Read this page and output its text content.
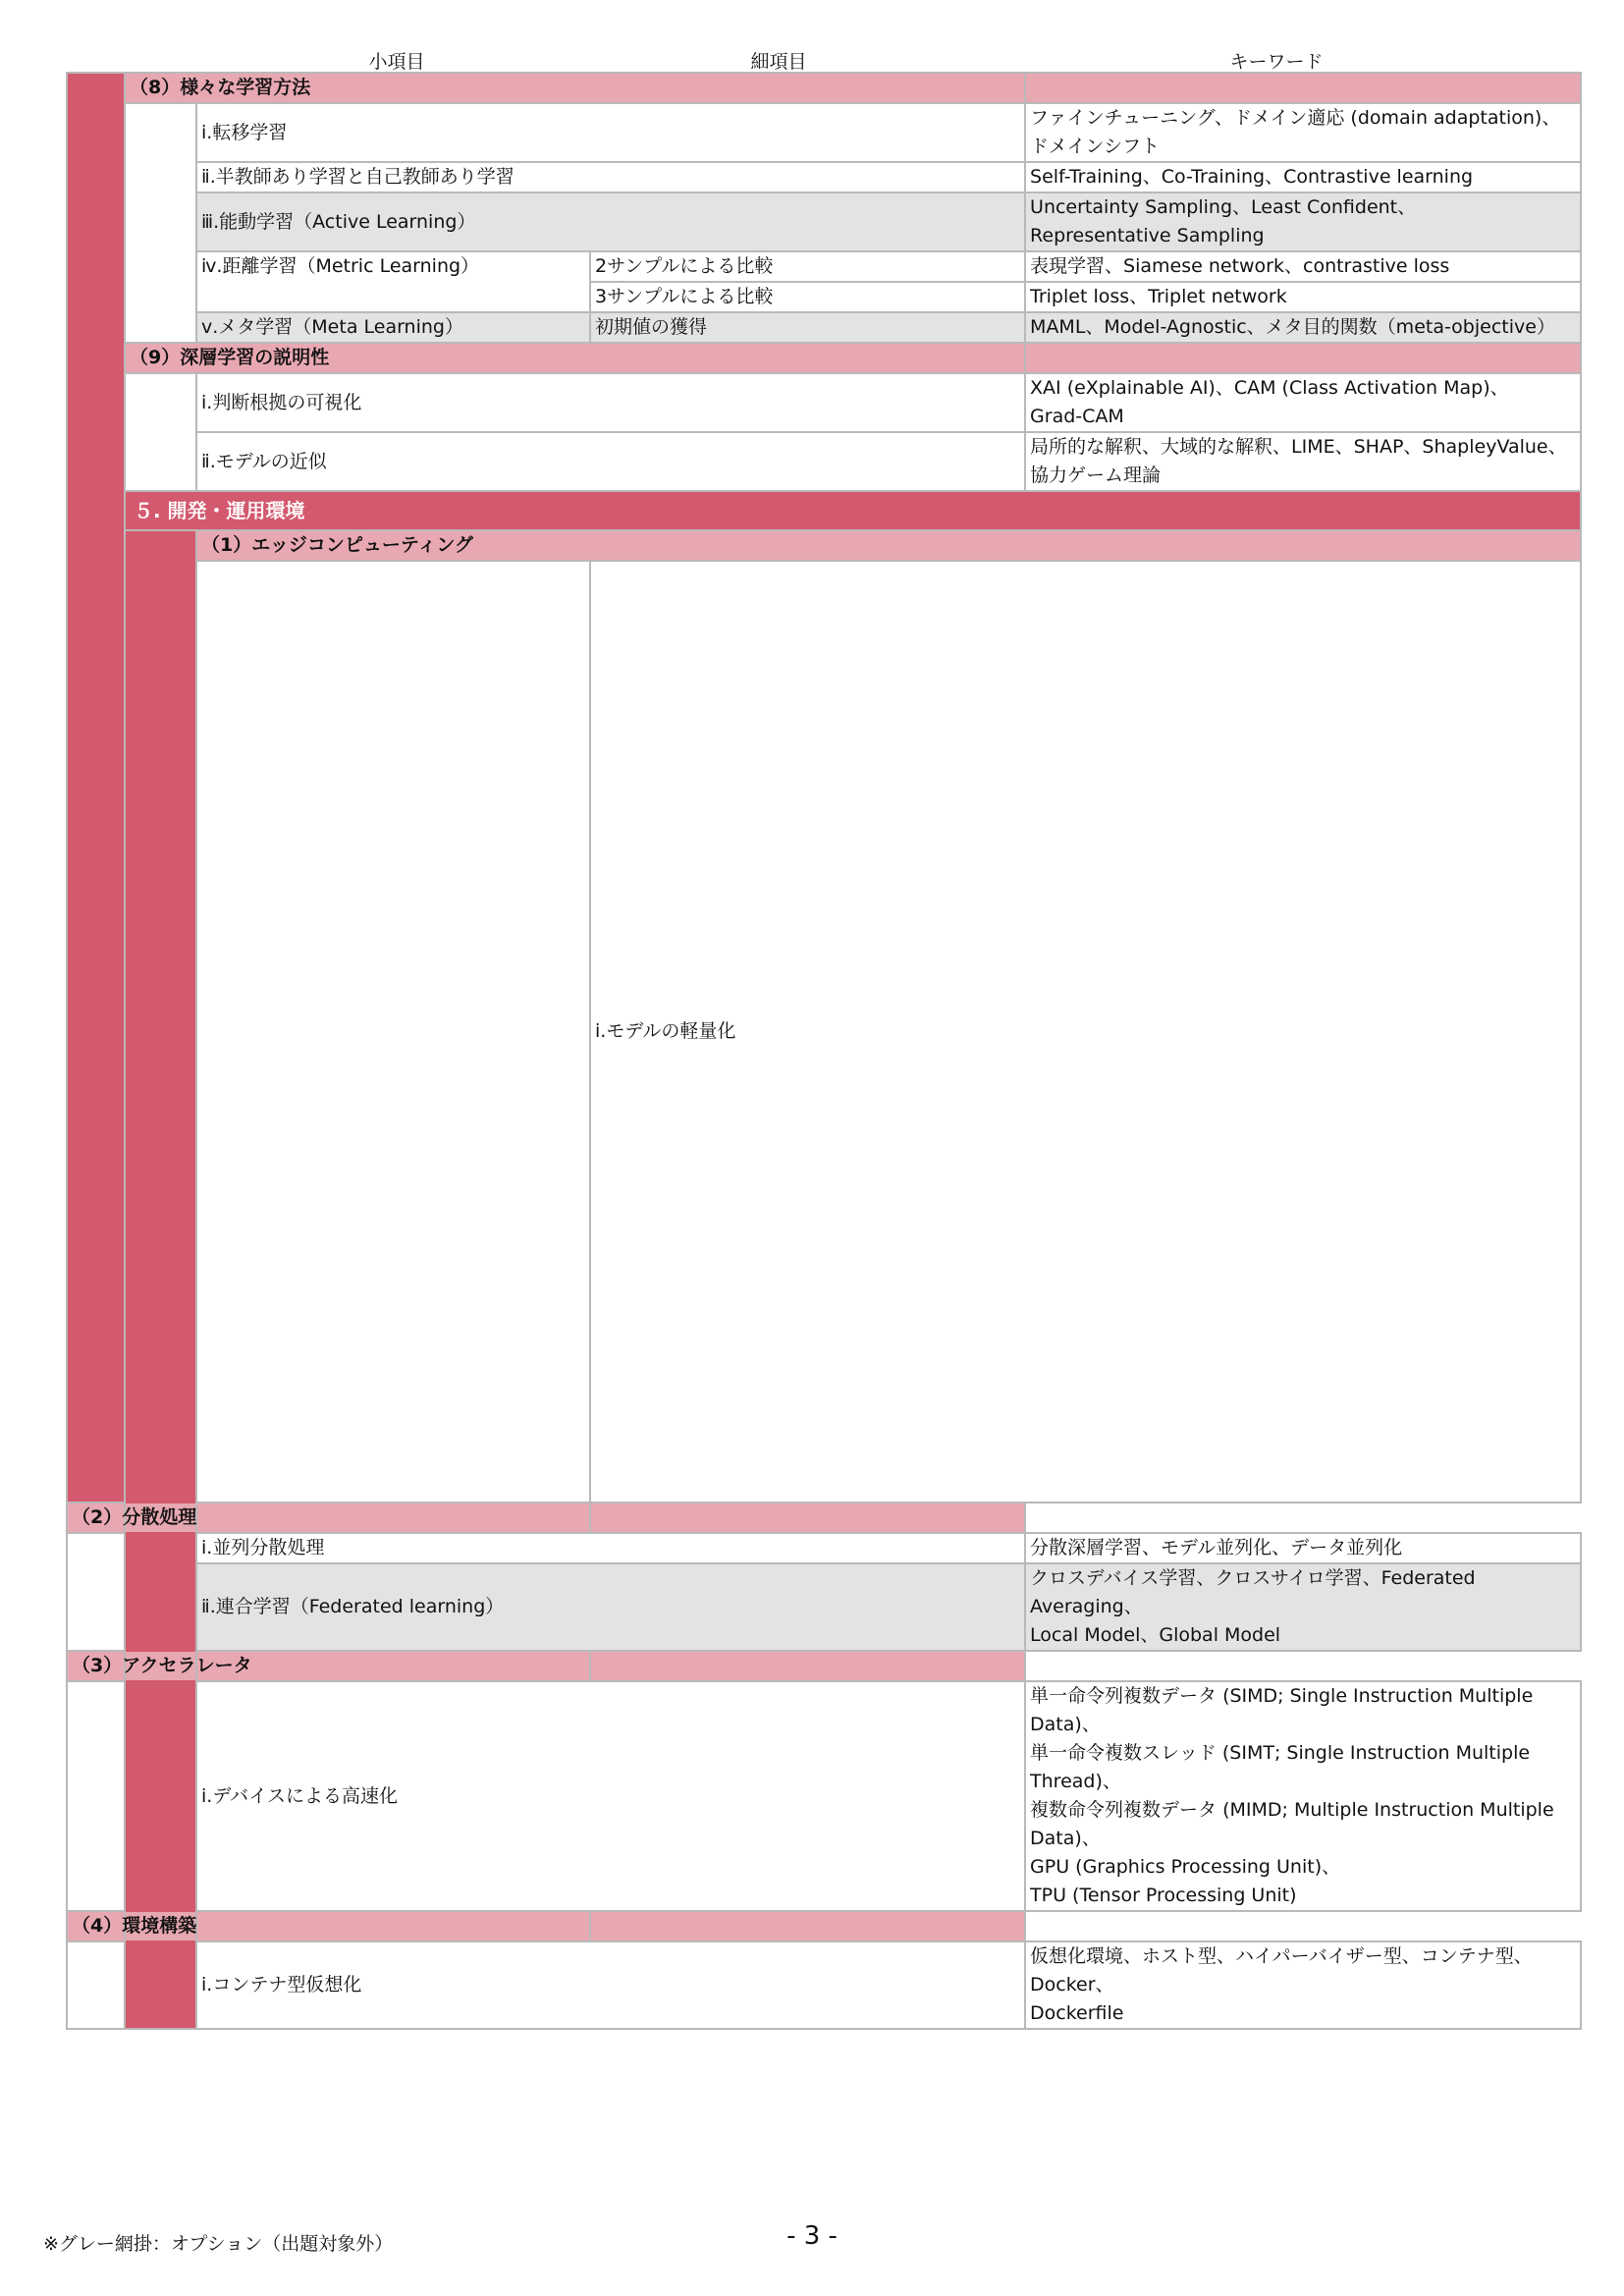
小項目	細項目	キーワード
	（8）様々な学習方法				
		ⅰ.転移学習		ファインチューニング、ドメイン適応 (domain adaptation)、
ドメインシフト	

		ⅱ.半教師あり学習と自己教師あり学習		Self-Training、Co-Training、Contrastive learning	

		ⅲ.能動学習（Active Learning）		Uncertainty Sampling、Least Confident、
Representative Sampling	

		ⅳ.距離学習（Metric Learning）	2サンプルによる比較	表現学習、Siamese network、contrastive loss	

			3サンプルによる比較	Triplet loss、Triplet network	

		ⅴ.メタ学習（Meta Learning）	初期値の獲得	MAML、Model-Agnostic、メタ目的関数（meta-objective）	

	（9）深層学習の説明性				
		ⅰ.判断根拠の可視化		XAI (eXplainable AI)、CAM (Class Activation Map)、
Grad-CAM	

		ⅱ.モデルの近似		局所的な解釈、大域的な解釈、LIME、SHAP、ShapleyValue、
協力ゲーム理論	

	５. 開発・運用環境				
		（1）エッジコンピューティング			
			ⅰ.モデルの軽量化	

（2）分散処理					
		ⅰ.並列分散処理		分散深層学習、モデル並列化、データ並列化	

		ⅱ.連合学習（Federated learning）		クロスデバイス学習、クロスサイロ学習、Federated Averaging、
Local Model、Global Model	

（3）アクセラレータ					
		ⅰ.デバイスによる高速化		単一命令列複数データ (SIMD; Single Instruction Multiple Data)、
単一命令複数スレッド (SIMT; Single Instruction Multiple Thread)、
複数命令列複数データ (MIMD; Multiple Instruction Multiple Data)、
GPU (Graphics Processing Unit)、
TPU (Tensor Processing Unit)	

（4）環境構築					
		ⅰ.コンテナ型仮想化		仮想化環境、ホスト型、ハイパーバイザー型、コンテナ型、Docker、
Dockerfile	
※グレー網掛：オプション（出題対象外）	- 3 -
